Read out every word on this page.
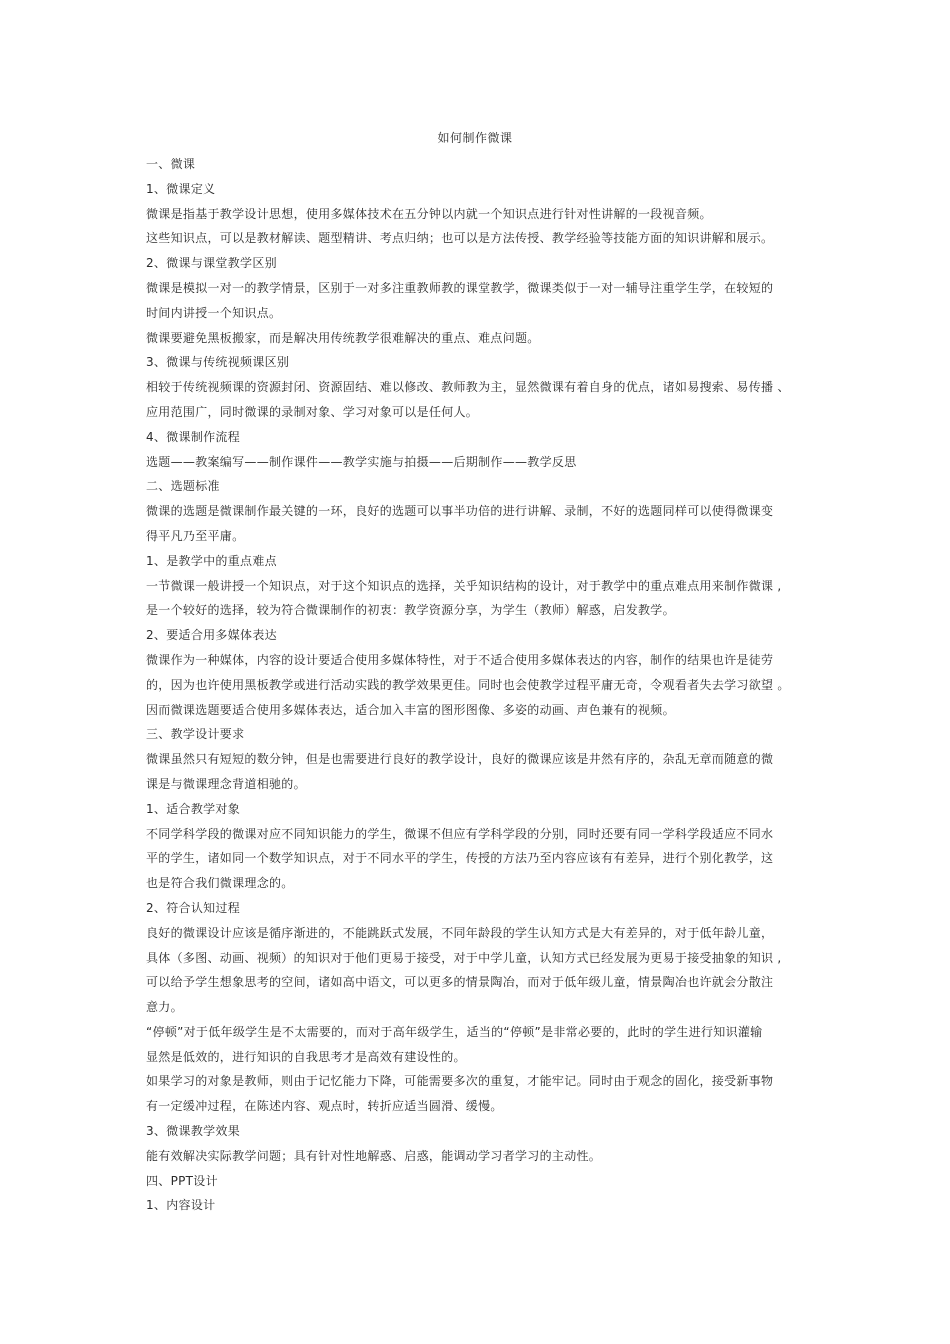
如何制作微课
一、微课
1、微课定义
微课是指基于教学设计思想，使用多媒体技术在五分钟以内就一个知识点进行针对性讲解的一段视音频。
这些知识点，可以是教材解读、题型精讲、考点归纳；也可以是方法传授、教学经验等技能方面的知识讲解和展示。
2、微课与课堂教学区别
微课是模拟一对一的教学情景，区别于一对多注重教师教的课堂教学，微课类似于一对一辅导注重学生学，在较短的
时间内讲授一个知识点。
微课要避免黑板搬家，而是解决用传统教学很难解决的重点、难点问题。
3、微课与传统视频课区别
相较于传统视频课的资源封闭、资源固结、难以修改、教师教为主，显然微课有着自身的优点，诸如易搜索、易传播 、
应用范围广，同时微课的录制对象、学习对象可以是任何人。
4、微课制作流程
选题——教案编写——制作课件——教学实施与拍摄——后期制作——教学反思
二、选题标准
微课的选题是微课制作最关键的一环，良好的选题可以事半功倍的进行讲解、录制，不好的选题同样可以使得微课变
得平凡乃至平庸。
1、是教学中的重点难点
一节微课一般讲授一个知识点，对于这个知识点的选择，关乎知识结构的设计，对于教学中的重点难点用来制作微课 ,
是一个较好的选择，较为符合微课制作的初衷：教学资源分享，为学生（教师）解惑，启发教学。
2、要适合用多媒体表达
微课作为一种媒体，内容的设计要适合使用多媒体特性，对于不适合使用多媒体表达的内容，制作的结果也许是徒劳
的，因为也许使用黑板教学或进行活动实践的教学效果更佳。同时也会使教学过程平庸无奇，令观看者失去学习欲望 。
因而微课选题要适合使用多媒体表达，适合加入丰富的图形图像、多姿的动画、声色兼有的视频。
三、教学设计要求
微课虽然只有短短的数分钟，但是也需要进行良好的教学设计，良好的微课应该是井然有序的，杂乱无章而随意的微
课是与微课理念背道相驰的。
1、适合教学对象
不同学科学段的微课对应不同知识能力的学生，微课不但应有学科学段的分别，同时还要有同一学科学段适应不同水
平的学生，诸如同一个数学知识点，对于不同水平的学生，传授的方法乃至内容应该有有差异，进行个别化教学，这
也是符合我们微课理念的。
2、符合认知过程
良好的微课设计应该是循序渐进的，不能跳跃式发展，不同年龄段的学生认知方式是大有差异的，对于低年龄儿童，
具体（多图、动画、视频）的知识对于他们更易于接受，对于中学儿童，认知方式已经发展为更易于接受抽象的知识 ,
可以给予学生想象思考的空间，诸如高中语文，可以更多的情景陶冶，而对于低年级儿童，情景陶冶也许就会分散注
意力。
“停顿”对于低年级学生是不太需要的，而对于高年级学生，适当的“停顿”是非常必要的，此时的学生进行知识灌输
显然是低效的，进行知识的自我思考才是高效有建设性的。
如果学习的对象是教师，则由于记忆能力下降，可能需要多次的重复，才能牢记。同时由于观念的固化，接受新事物
有一定缓冲过程，在陈述内容、观点时，转折应适当圆滑、缓慢。
3、微课教学效果
能有效解决实际教学问题；具有针对性地解惑、启惑，能调动学习者学习的主动性。
四、PPT设计
1、内容设计
